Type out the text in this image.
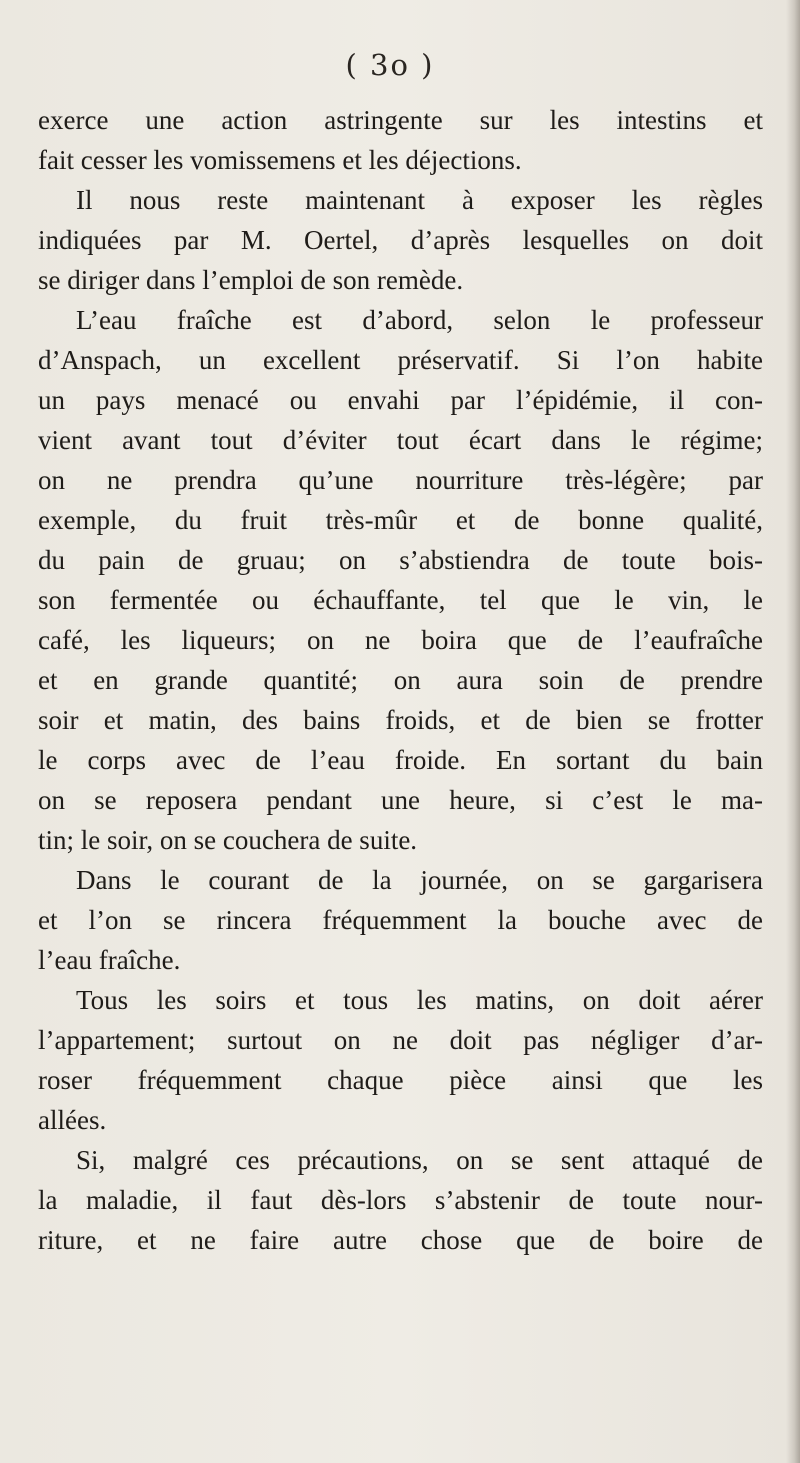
( 3o )
exerce une action astringente sur les intestins et
fait cesser les vomissemens et les déjections.
Il nous reste maintenant à exposer les règles
indiquées par M. Oertel, d’après lesquelles on doit
se diriger dans l’emploi de son remède.
L’eau fraîche est d’abord, selon le professeur
d’Anspach, un excellent préservatif. Si l’on habite
un pays menacé ou envahi par l’épidémie, il con-
vient avant tout d’éviter tout écart dans le régime;
on ne prendra qu’une nourriture très-légère; par
exemple, du fruit très-mûr et de bonne qualité,
du pain de gruau; on s’abstiendra de toute bois-
son fermentée ou échauffante, tel que le vin, le
café, les liqueurs; on ne boira que de l’eaufraîche
et en grande quantité; on aura soin de prendre
soir et matin, des bains froids, et de bien se frotter
le corps avec de l’eau froide. En sortant du bain
on se reposera pendant une heure, si c’est le ma-
tin; le soir, on se couchera de suite.
Dans le courant de la journée, on se gargarisera
et l’on se rincera fréquemment la bouche avec de
l’eau fraîche.
Tous les soirs et tous les matins, on doit aérer
l’appartement; surtout on ne doit pas négliger d’ar-
roser fréquemment chaque pièce ainsi que les
allées.
Si, malgré ces précautions, on se sent attaqué de
la maladie, il faut dès-lors s’abstenir de toute nour-
riture, et ne faire autre chose que de boire de
